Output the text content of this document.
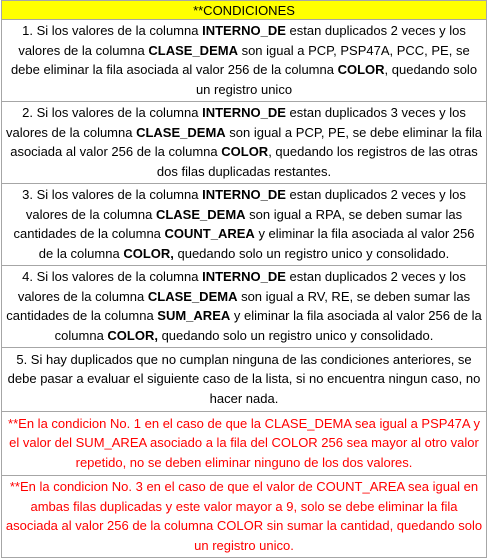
**CONDICIONES
1. Si los valores de la columna INTERNO_DE estan duplicados 2 veces y los valores de la columna CLASE_DEMA son igual a PCP, PSP47A, PCC, PE, se debe eliminar la fila asociada al valor 256 de la columna COLOR, quedando solo un registro unico
2. Si los valores de la columna INTERNO_DE estan duplicados 3 veces y los valores de la columna CLASE_DEMA son igual a PCP, PE, se debe eliminar la fila asociada al valor 256 de la columna COLOR, quedando los registros de las otras dos filas duplicadas restantes.
3. Si los valores de la columna INTERNO_DE estan duplicados 2 veces y los valores de la columna CLASE_DEMA son igual a RPA, se deben sumar las cantidades de la columna COUNT_AREA y eliminar la fila asociada al valor 256 de la columna COLOR, quedando solo un registro unico y consolidado.
4. Si los valores de la columna INTERNO_DE estan duplicados 2 veces y los valores de la columna CLASE_DEMA son igual a RV, RE, se deben sumar las cantidades de la columna SUM_AREA y eliminar la fila asociada al valor 256 de la columna COLOR, quedando solo un registro unico y consolidado.
5. Si hay duplicados que no cumplan ninguna de las condiciones anteriores, se debe pasar a evaluar el siguiente caso de la lista, si no encuentra ningun caso, no hacer nada.
**En la condicion No. 1 en el caso de que la CLASE_DEMA sea igual a PSP47A y el valor del SUM_AREA asociado a la fila del COLOR 256 sea mayor al otro valor repetido, no se deben eliminar ninguno de los dos valores.
**En la condicion No. 3 en el caso de que el valor de COUNT_AREA sea igual en ambas filas duplicadas y este valor mayor a 9, solo se debe eliminar la fila asociada al valor 256 de la columna COLOR sin sumar la cantidad, quedando solo un registro unico.
